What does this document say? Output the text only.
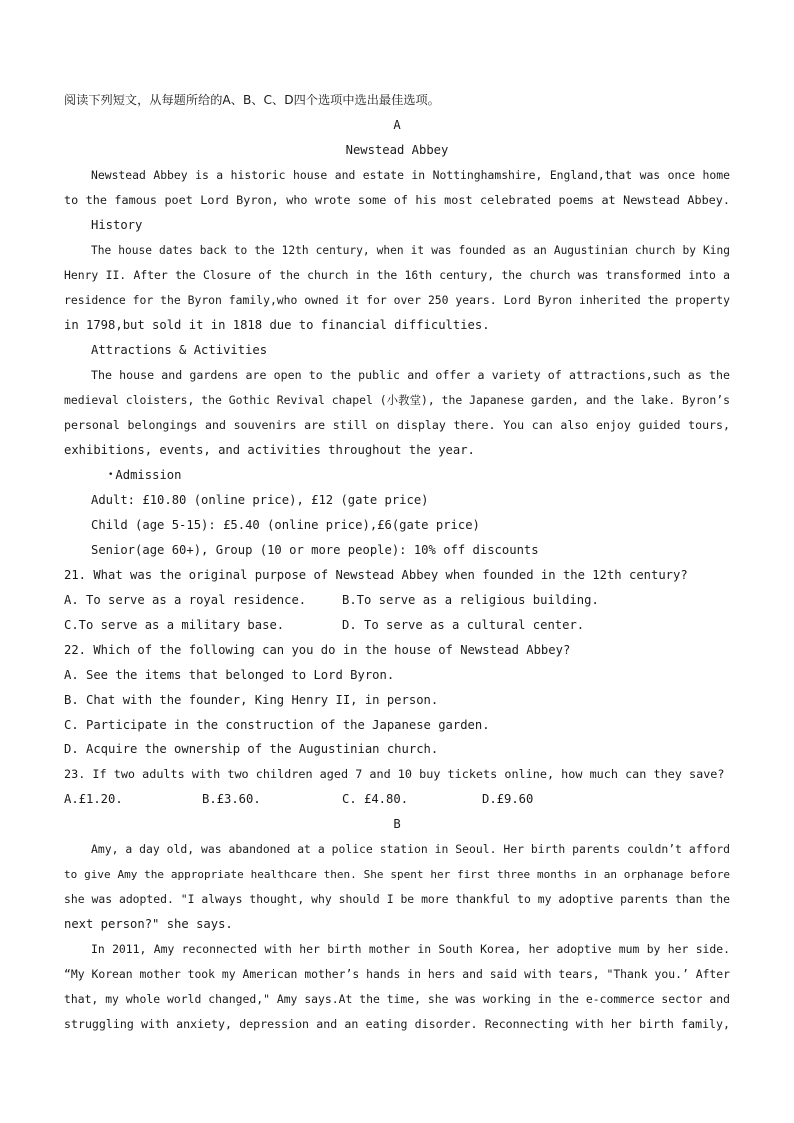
阅读下列短文，从每题所给的A、B、C、D四个选项中选出最佳选项。
A
Newstead Abbey
Newstead Abbey is a historic house and estate in Nottinghamshire, England,that was once home
to the famous poet Lord Byron, who wrote some of his most celebrated poems at Newstead Abbey.
History
The house dates back to the 12th century, when it was founded as an Augustinian church by King
Henry II. After the Closure of the church in the 16th century, the church was transformed into a
residence for the Byron family,who owned it for over 250 years. Lord Byron inherited the property
in 1798,but sold it in 1818 due to financial difficulties.
Attractions & Activities
The house and gardens are open to the public and offer a variety of attractions,such as the
medieval cloisters, the Gothic Revival chapel (小教堂), the Japanese garden, and the lake. Byron’s
personal belongings and souvenirs are still on display there. You can also enjoy guided tours,
exhibitions, events, and activities throughout the year.
• Admission
Adult: £10.80 (online price), £12 (gate price)
Child (age 5-15): £5.40 (online price),£6(gate price)
Senior(age 60+), Group (10 or more people): 10% off discounts
21. What was the original purpose of Newstead Abbey when founded in the 12th century?
A. To serve as a royal residence.	B.To serve as a religious building.
C.To serve as a military base.	D. To serve as a cultural center.
22. Which of the following can you do in the house of Newstead Abbey?
A. See the items that belonged to Lord Byron.
B. Chat with the founder, King Henry II, in person.
C. Participate in the construction of the Japanese garden.
D. Acquire the ownership of the Augustinian church.
23. If two adults with two children aged 7 and 10 buy tickets online, how much can they save?
A.£1.20.	B.£3.60.	C. £4.80.	D.£9.60
B
Amy, a day old, was abandoned at a police station in Seoul. Her birth parents couldn’t afford
to give Amy the appropriate healthcare then. She spent her first three months in an orphanage before
she was adopted. "I always thought, why should I be more thankful to my adoptive parents than the
next person?" she says.
In 2011, Amy reconnected with her birth mother in South Korea, her adoptive mum by her side.
“My Korean mother took my American mother’s hands in hers and said with tears, "Thank you.’ After
that, my whole world changed," Amy says.At the time, she was working in the e-commerce sector and
struggling with anxiety, depression and an eating disorder. Reconnecting with her birth family,
